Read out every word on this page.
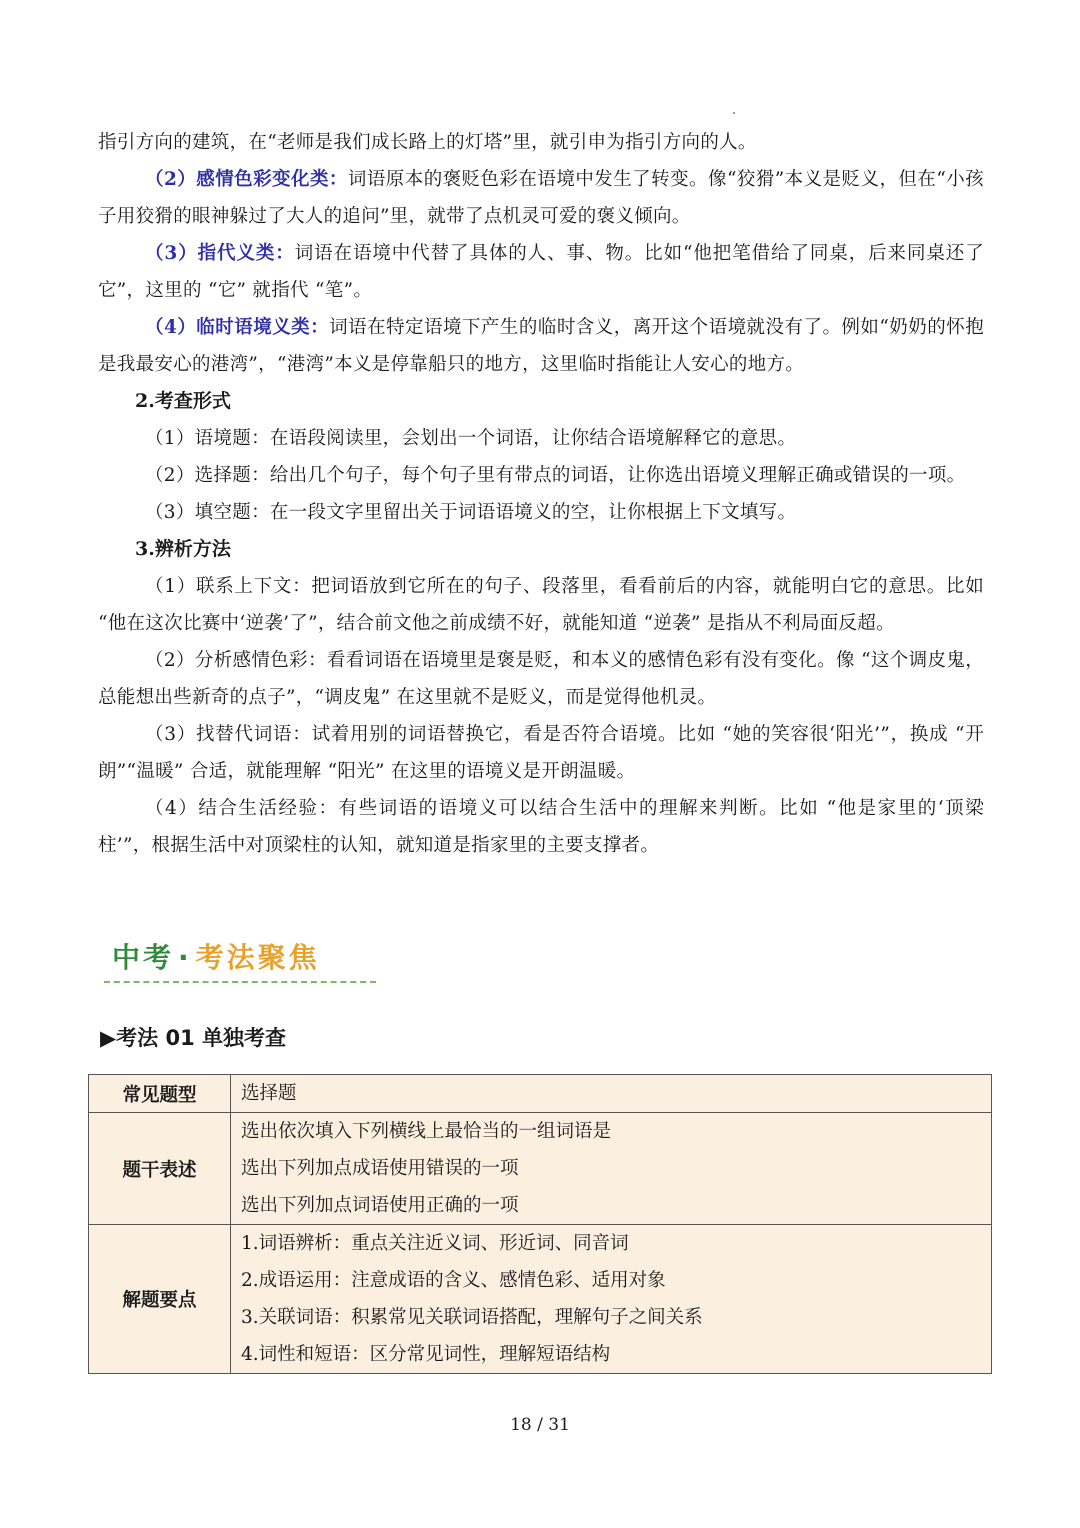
指引方向的建筑，在“老师是我们成长路上的灯塔”里，就引申为指引方向的人。

（2）感情色彩变化类：词语原本的褒贬色彩在语境中发生了转变。像“狡猾”本义是贬义，但在“小孩子用狡猾的眼神躲过了大人的追问”里，就带了点机灵可爱的褒义倾向。

（3）指代义类：词语在语境中代替了具体的人、事、物。比如“他把笔借给了同桌，后来同桌还了它”，这里的 “它” 就指代 “笔”。

（4）临时语境义类：词语在特定语境下产生的临时含义，离开这个语境就没有了。例如“奶奶的怀抱是我最安心的港湾”，“港湾”本义是停靠船只的地方，这里临时指能让人安心的地方。

2.考查形式
（1）语境题：在语段阅读里，会划出一个词语，让你结合语境解释它的意思。
（2）选择题：给出几个句子，每个句子里有带点的词语，让你选出语境义理解正确或错误的一项。
（3）填空题：在一段文字里留出关于词语语境义的空，让你根据上下文填写。
3.辨析方法

（1）联系上下文：把词语放到它所在的句子、段落里，看看前后的内容，就能明白它的意思。比如 “他在这次比赛中‘逆袭’了”，结合前文他之前成绩不好，就能知道 “逆袭” 是指从不利局面反超。

（2）分析感情色彩：看看词语在语境里是褒是贬，和本义的感情色彩有没有变化。像 “这个调皮鬼，总能想出些新奇的点子”，“调皮鬼” 在这里就不是贬义，而是觉得他机灵。

（3）找替代词语：试着用别的词语替换它，看是否符合语境。比如 “她的笑容很‘阳光’”，换成 “开朗”“温暖” 合适，就能理解 “阳光” 在这里的语境义是开朗温暖。

（4）结合生活经验：有些词语的语境义可以结合生活中的理解来判断。比如 “他是家里的‘顶梁柱’”，根据生活中对顶梁柱的认知，就知道是指家里的主要支撑者。

中考 · 考法聚焦
▶考法 01 单独考查
常见题型	选择题

题干表述	选出依次填入下列横线上最恰当的一组词语是
选出下列加点成语使用错误的一项
选出下列加点词语使用正确的一项

解题要点	1.词语辨析：重点关注近义词、形近词、同音词
2.成语运用：注意成语的含义、感情色彩、适用对象
3.关联词语：积累常见关联词语搭配，理解句子之间关系
4.词性和短语：区分常见词性，理解短语结构
18 / 31
